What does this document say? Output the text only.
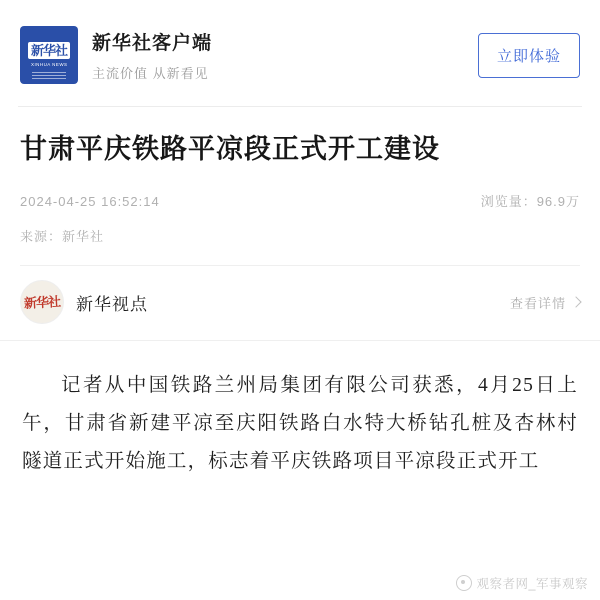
新华社
XINHUA NEWS
新华社客户端
主流价值 从新看见
立即体验
甘肃平庆铁路平凉段正式开工建设
2024-04-25 16:52:14	浏览量：96.9万
来源：新华社
新华社 新华视点	查看详情
记者从中国铁路兰州局集团有限公司获悉，4月25日上午，甘肃省新建平凉至庆阳铁路白水特大桥钻孔桩及杏林村隧道正式开始施工，标志着平庆铁路项目平凉段正式开工
观察者网_军事观察
